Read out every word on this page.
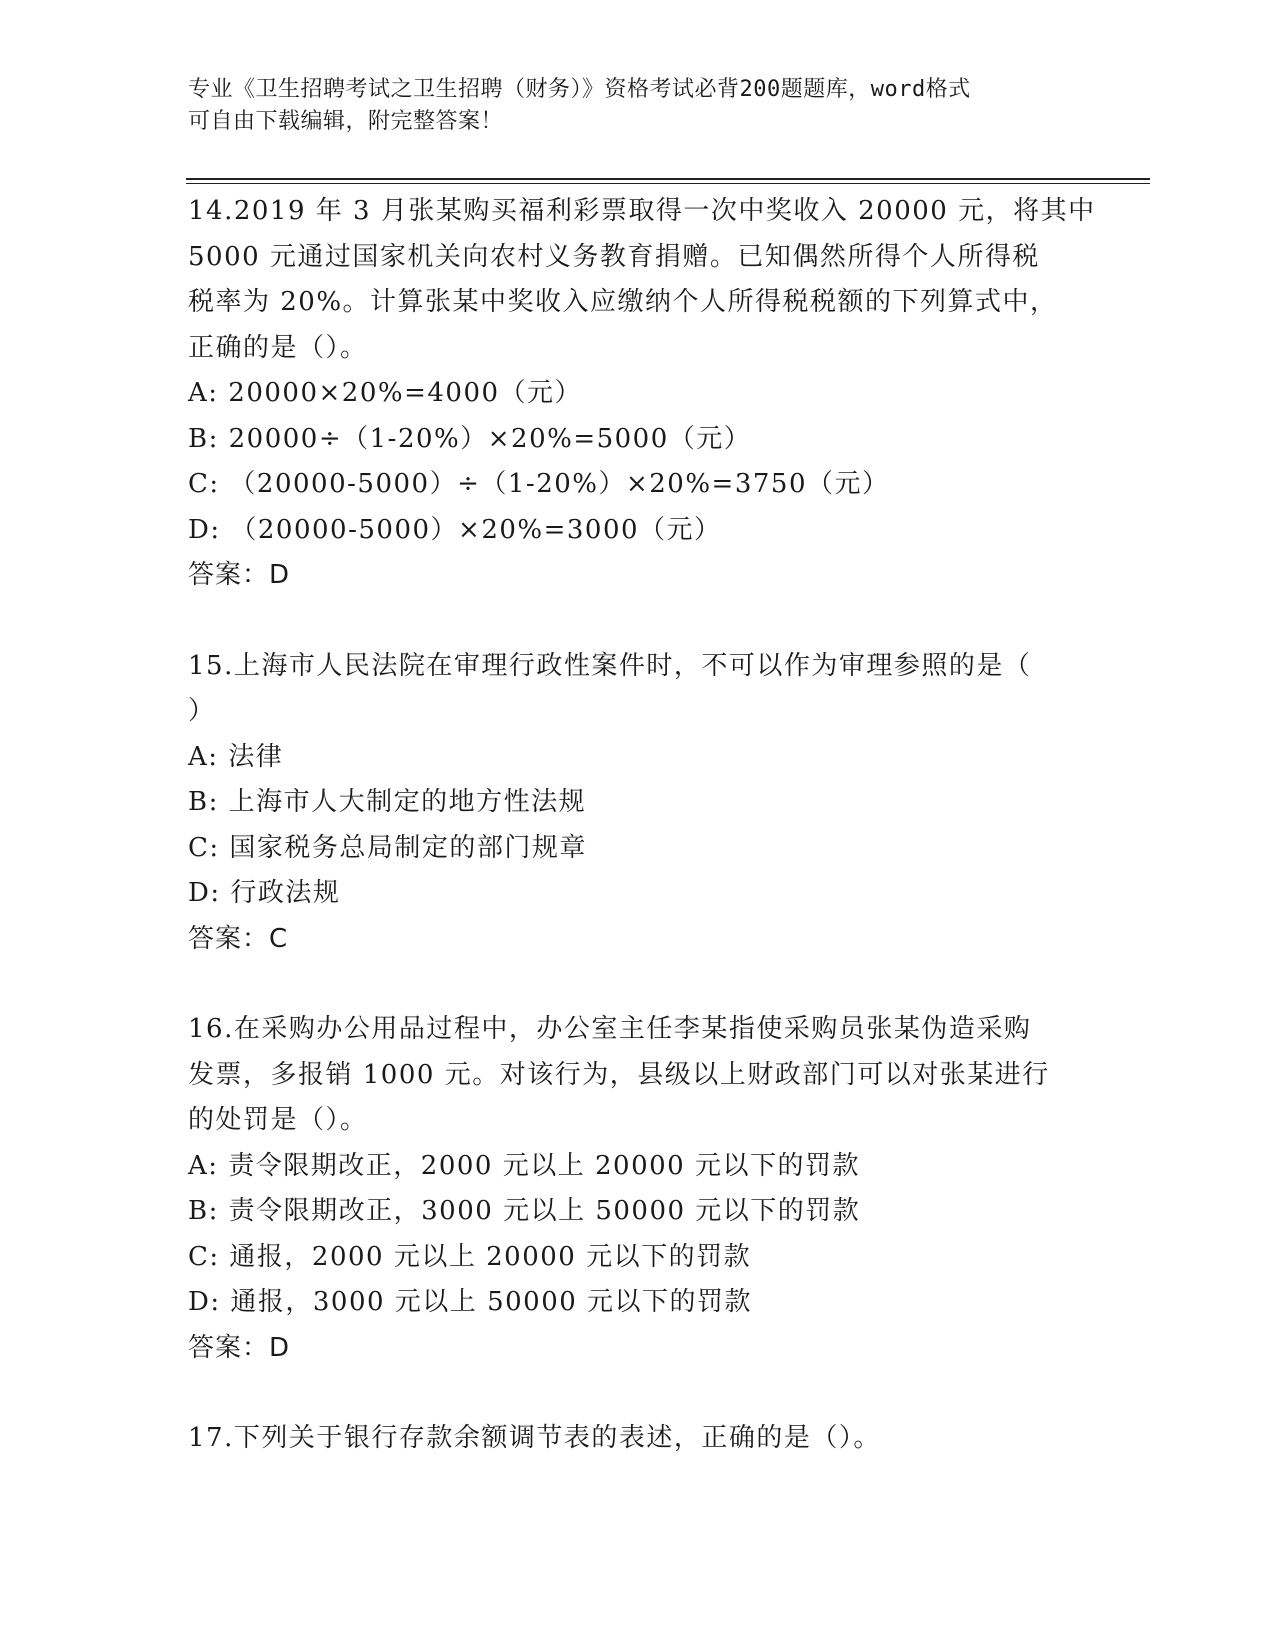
专业《卫生招聘考试之卫生招聘（财务）》资格考试必背200题题库，word格式
可自由下载编辑，附完整答案！
14.2019 年 3 月张某购买福利彩票取得一次中奖收入 20000 元，将其中
5000 元通过国家机关向农村义务教育捐赠。已知偶然所得个人所得税
税率为 20%。计算张某中奖收入应缴纳个人所得税税额的下列算式中，
正确的是（）。
A: 20000×20%=4000（元）
B: 20000÷（1-20%）×20%=5000（元）
C: （20000-5000）÷（1-20%）×20%=3750（元）
D: （20000-5000）×20%=3000（元）
答案：D
15.上海市人民法院在审理行政性案件时，不可以作为审理参照的是（
）
A: 法律
B: 上海市人大制定的地方性法规
C: 国家税务总局制定的部门规章
D: 行政法规
答案：C
16.在采购办公用品过程中，办公室主任李某指使采购员张某伪造采购
发票，多报销 1000 元。对该行为，县级以上财政部门可以对张某进行
的处罚是（）。
A: 责令限期改正，2000 元以上 20000 元以下的罚款
B: 责令限期改正，3000 元以上 50000 元以下的罚款
C: 通报，2000 元以上 20000 元以下的罚款
D: 通报，3000 元以上 50000 元以下的罚款
答案：D
17.下列关于银行存款余额调节表的表述，正确的是（）。
